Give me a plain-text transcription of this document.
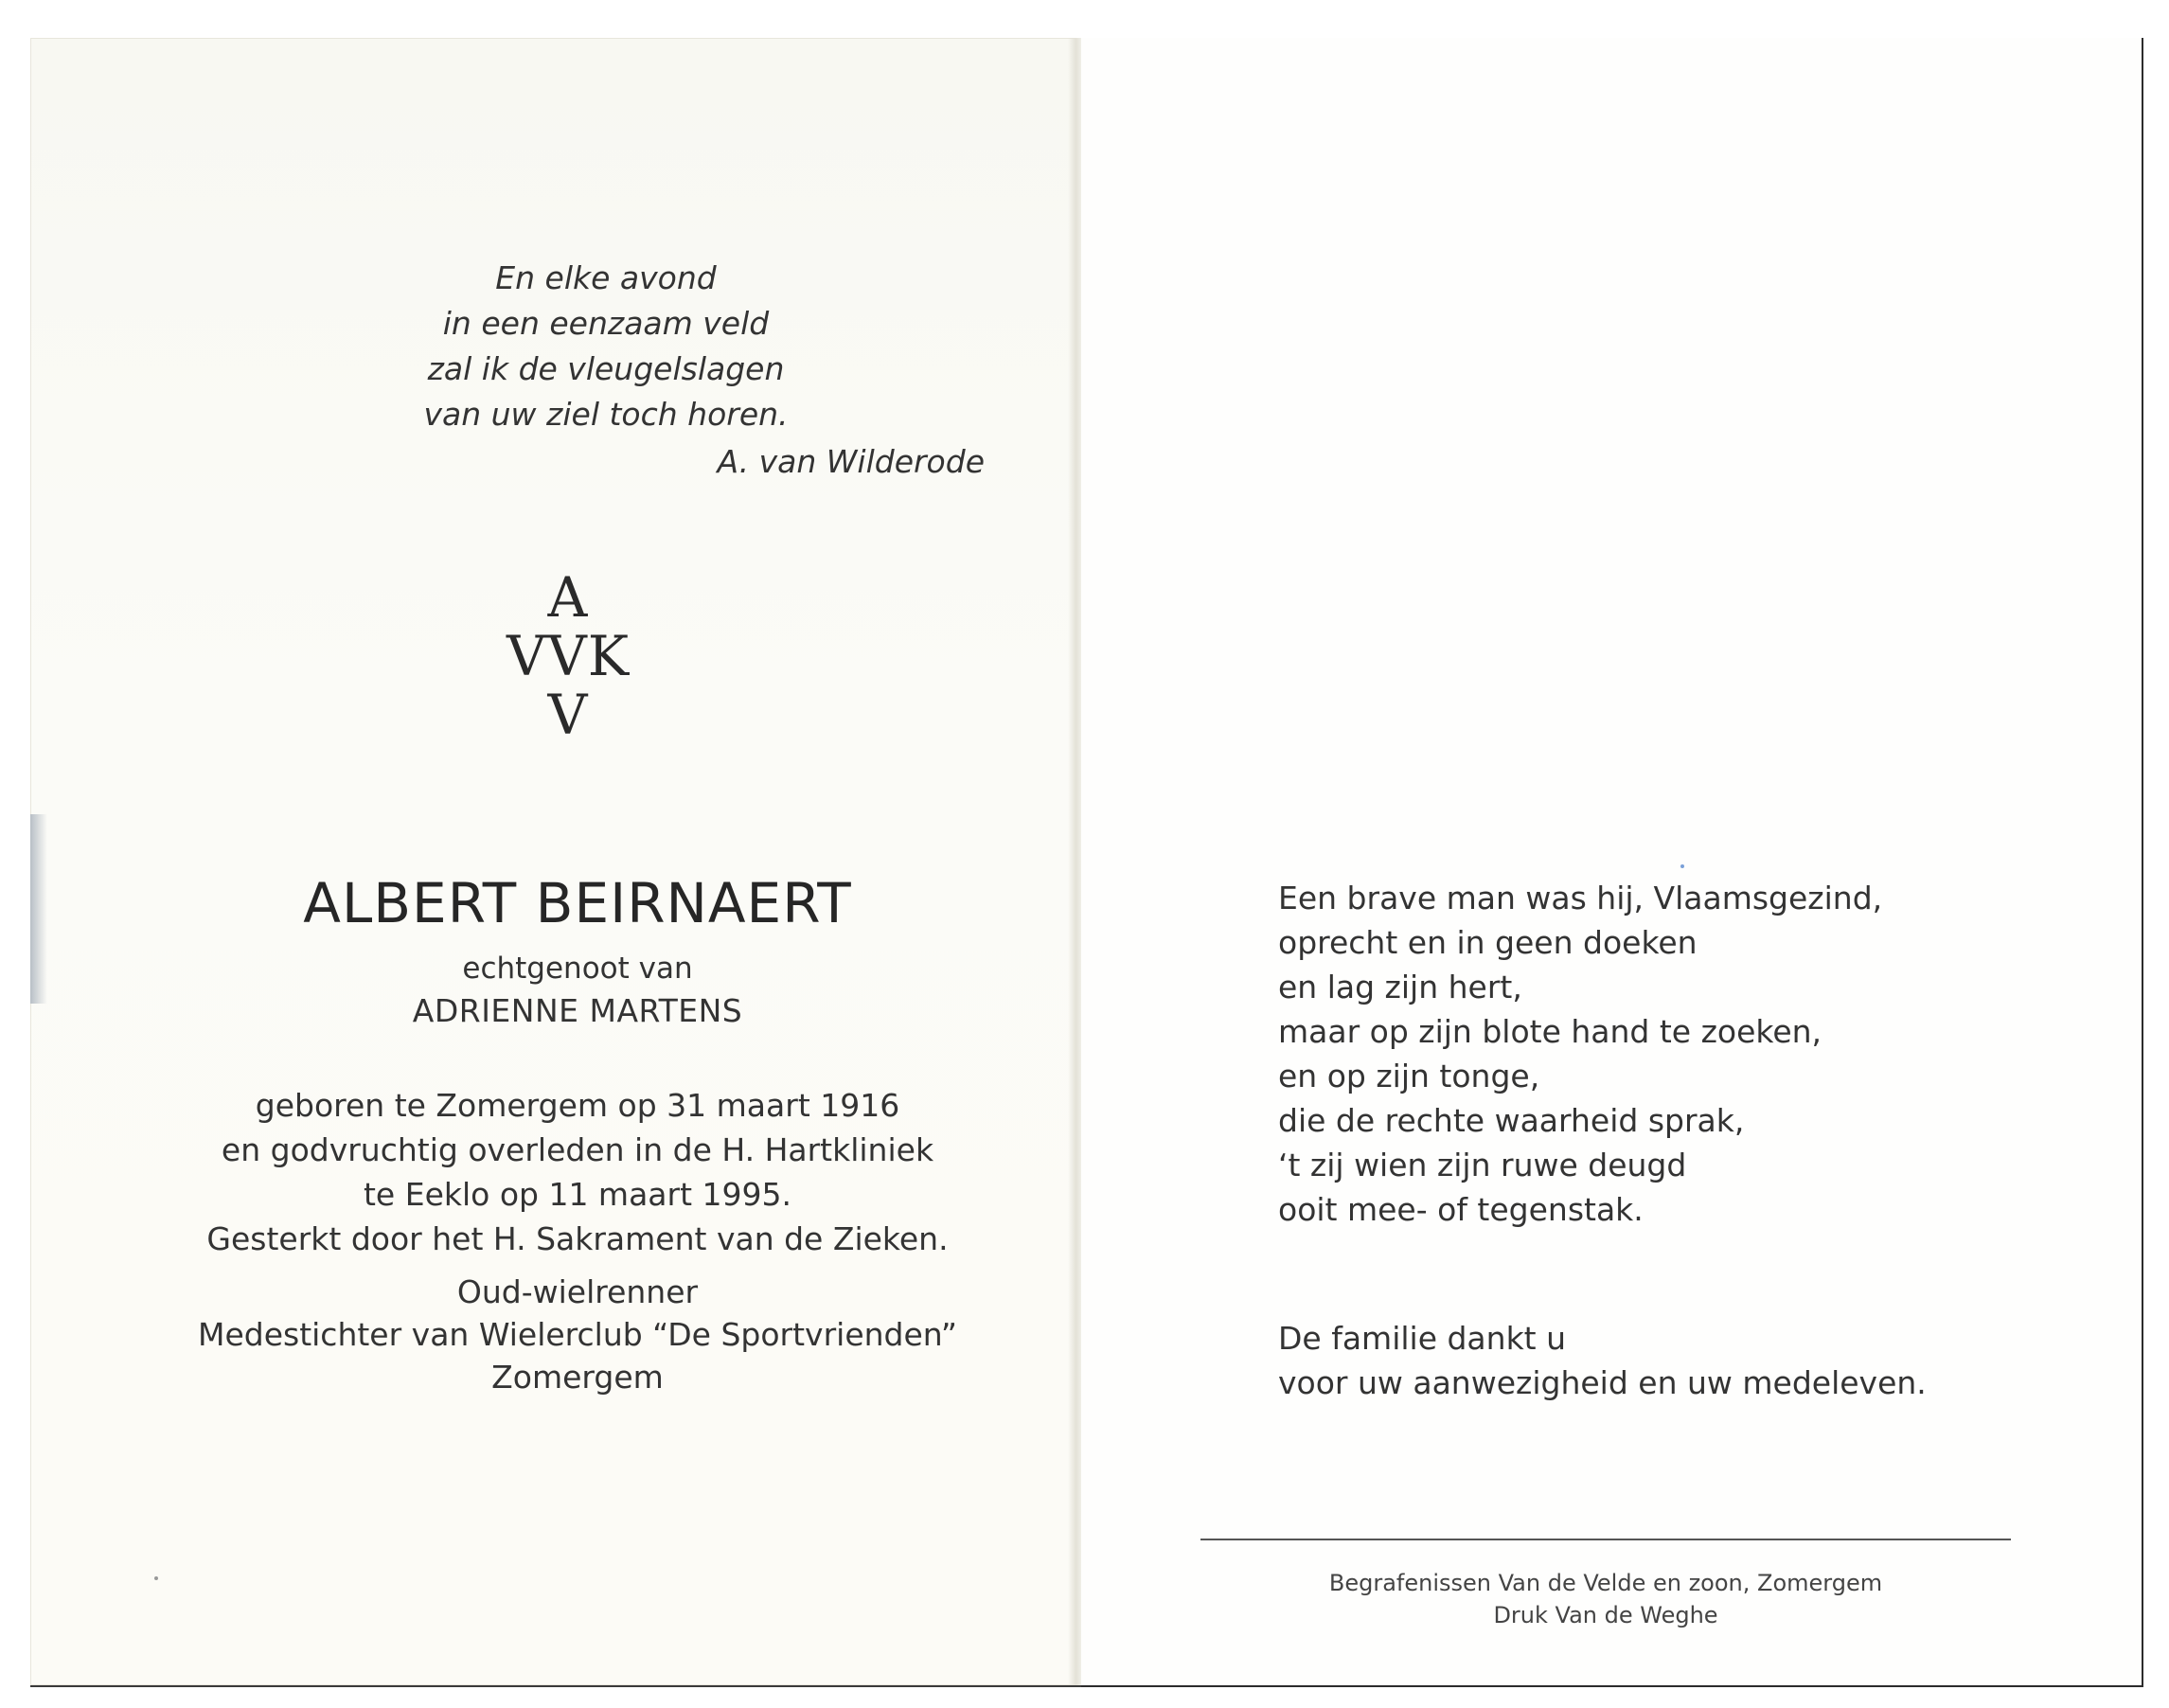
En elke avond
in een eenzaam veld
zal ik de vleugelslagen
van uw ziel toch horen.
A. van Wilderode
A
VVK
V
ALBERT BEIRNAERT
echtgenoot van
ADRIENNE MARTENS
geboren te Zomergem op 31 maart 1916
en godvruchtig overleden in de H. Hartkliniek
te Eeklo op 11 maart 1995.
Gesterkt door het H. Sakrament van de Zieken.
Oud-wielrenner
Medestichter van Wielerclub “De Sportvrienden”
Zomergem
Een brave man was hij, Vlaamsgezind,
oprecht en in geen doeken
en lag zijn hert,
maar op zijn blote hand te zoeken,
en op zijn tonge,
die de rechte waarheid sprak,
‘t zij wien zijn ruwe deugd
ooit mee- of tegenstak.
De familie dankt u
voor uw aanwezigheid en uw medeleven.
Begrafenissen Van de Velde en zoon, Zomergem
Druk Van de Weghe
